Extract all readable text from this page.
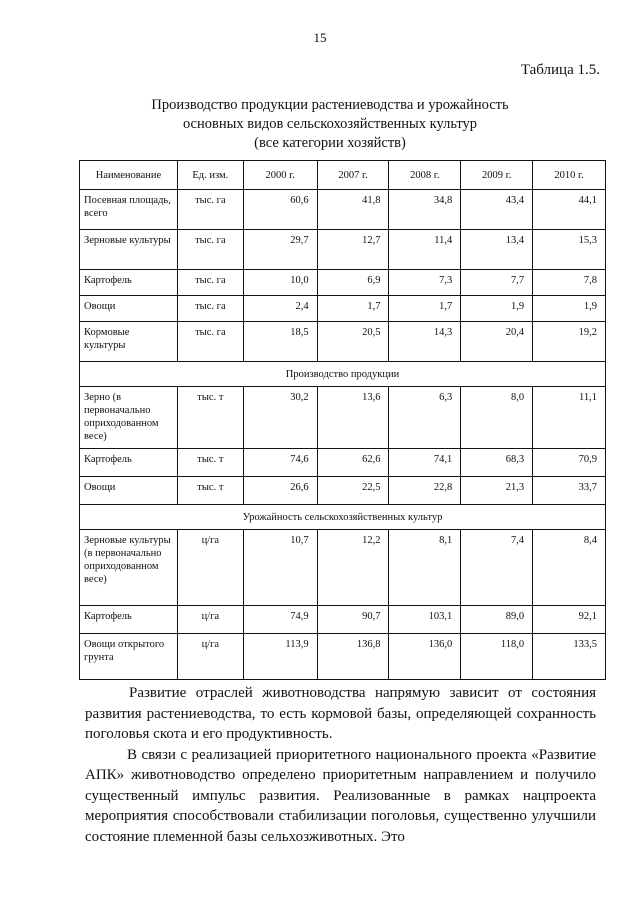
15
Таблица 1.5.
Производство продукции растениеводства и урожайность
основных видов сельскохозяйственных культур
(все категории хозяйств)
Наименование	Ед. изм.	2000 г.	2007 г.	2008 г.	2009 г.	2010 г.
Посевная площадь, всего	тыс. га	60,6	41,8	34,8	43,4	44,1
Зерновые культуры	тыс. га	29,7	12,7	11,4	13,4	15,3
Картофель	тыс. га	10,0	6,9	7,3	7,7	7,8
Овощи	тыс. га	2,4	1,7	1,7	1,9	1,9
Кормовые культуры	тыс. га	18,5	20,5	14,3	20,4	19,2
Производство продукции						
Зерно (в первоначально оприходованном весе)	тыс. т	30,2	13,6	6,3	8,0	11,1
Картофель	тыс. т	74,6	62,6	74,1	68,3	70,9
Овощи	тыс. т	26,6	22,5	22,8	21,3	33,7
Урожайность сельскохозяйственных культур						
Зерновые культуры (в первоначально оприходованном весе)	ц/га	10,7	12,2	8,1	7,4	8,4
Картофель	ц/га	74,9	90,7	103,1	89,0	92,1
Овощи открытого грунта	ц/га	113,9	136,8	136,0	118,0	133,5

Развитие отраслей животноводства напрямую зависит от состояния развития растениеводства, то есть кормовой базы, определяющей сохранность поголовья скота и его продуктивность.

В связи с реализацией приоритетного национального проекта «Развитие АПК» животноводство определено приоритетным направлением и получило существенный импульс развития. Реализованные в рамках нацпроекта мероприятия способствовали стабилизации поголовья, существенно улучшили состояние племенной базы сельхозживотных. Это
